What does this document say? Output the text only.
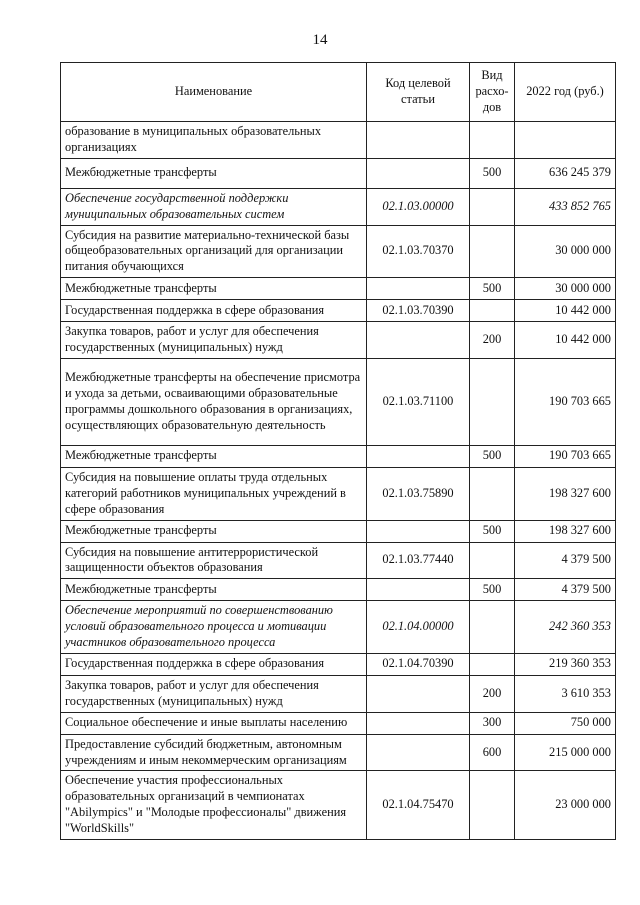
14
Наименование	Код целевой статьи	Вид расхо-дов	2022 год (руб.)
образование в муниципальных образовательных организациях			
Межбюджетные трансферты		500	636 245 379
Обеспечение государственной поддержки муниципальных образовательных систем	02.1.03.00000		433 852 765
Субсидия на развитие материально-технической базы общеобразовательных организаций для организации питания обучающихся	02.1.03.70370		30 000 000
Межбюджетные трансферты		500	30 000 000
Государственная поддержка в сфере образования	02.1.03.70390		10 442 000
Закупка товаров, работ и услуг для обеспечения государственных (муниципальных) нужд		200	10 442 000
Межбюджетные трансферты на обеспечение присмотра и ухода за детьми, осваивающими образовательные программы дошкольного образования в организациях, осуществляющих образовательную деятельность	02.1.03.71100		190 703 665
Межбюджетные трансферты		500	190 703 665
Субсидия на повышение оплаты труда отдельных категорий работников муниципальных учреждений в сфере образования	02.1.03.75890		198 327 600
Межбюджетные трансферты		500	198 327 600
Субсидия на повышение антитеррористической защищенности объектов образования	02.1.03.77440		4 379 500
Межбюджетные трансферты		500	4 379 500
Обеспечение мероприятий по совершенствованию условий образовательного процесса и мотивации участников образовательного процесса	02.1.04.00000		242 360 353
Государственная поддержка в сфере образования	02.1.04.70390		219 360 353
Закупка товаров, работ и услуг для обеспечения государственных (муниципальных) нужд		200	3 610 353
Социальное обеспечение и иные выплаты населению		300	750 000
Предоставление субсидий бюджетным, автономным учреждениям и иным некоммерческим организациям		600	215 000 000
Обеспечение участия профессиональных образовательных организаций в чемпионатах "Abilympics" и "Молодые профессионалы" движения "WorldSkills"	02.1.04.75470		23 000 000
